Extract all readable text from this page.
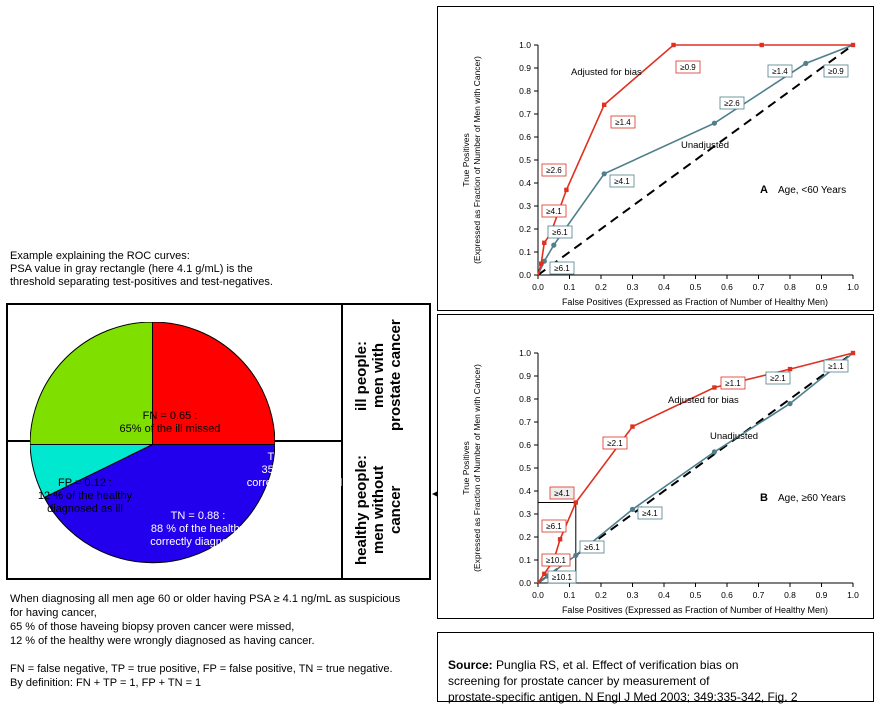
Example explaining the ROC curves:
PSA value in gray rectangle (here 4.1 g/mL) is the
threshold separating test-positives and test-negatives.
FN = 0.65 :
65% of the ill missed
TP = 0.35 :
35 % of the ill
correctly diagnosed
FP = 0.12 :
12 % of the healthy
diagnosed as ill
TN = 0.88 :
88 % of the healthy
correctly diagnosed
ill people:
men with
prostate cancer
healthy people:
men without
cancer
When diagnosing all men age 60 or older having PSA ≥ 4.1 ng/mL as suspicious
for having cancer,
65 % of those haveing biopsy proven cancer were missed,
12 % of the healthy were wrongly diagnosed as having cancer.

FN = false negative, TP = true positive, FP = false positive, TN = true negative.
By definition: FN + TP = 1, FP + TN = 1
0.0 0.1 0.2 0.3 0.4 0.5 0.6 0.7 0.8 0.9 1.0
0.0
0.1
0.2
0.3
0.4
0.5
0.6
0.7
0.8
0.9
1.0
≥6.1
≥6.1
≥4.1
≥2.6
≥4.1
≥1.4
≥2.6
≥0.9	≥1.4	≥0.9
Adjusted for bias
Unadjusted
A Age, <60 Years
False Positives (Expressed as Fraction of Number of Healthy Men)
(Expressed as Fraction of Number of Men with Cancer)
True Positives
0.0 0.1 0.2 0.3 0.4 0.5 0.6 0.7 0.8 0.9 1.0
0.0
0.1
0.2
0.3
0.4
0.5
0.6
0.7
0.8
0.9
1.0
≥10.1
≥10.1
≥6.1
≥6.1
≥4.1
≥4.1
≥2.1
≥1.1
≥2.1
≥1.1
Adjusted for bias
Unadjusted
B Age, ≥60 Years
False Positives (Expressed as Fraction of Number of Healthy Men)
(Expressed as Fraction of Number of Men with Cancer)
True Positives

Source: Punglia RS, et al. Effect of verification bias on
screening for prostate cancer by measurement of
prostate-specific antigen. N Engl J Med 2003; 349:335-342, Fig. 2
